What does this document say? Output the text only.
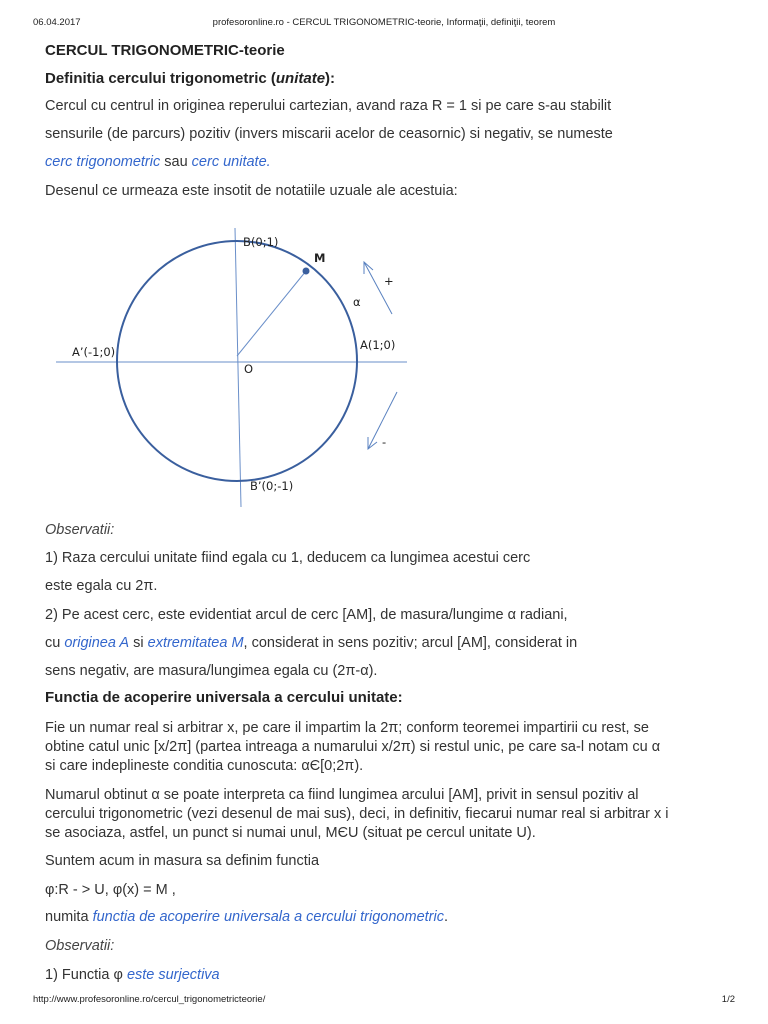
06.04.2017	profesoronline.ro - CERCUL TRIGONOMETRIC-teorie, Informaţii, definiţii, teorem
CERCUL TRIGONOMETRIC-teorie
Definitia cercului trigonometric (unitate):
Cercul cu centrul in originea reperului cartezian, avand raza R = 1 si pe care s-au stabilit
sensurile (de parcurs) pozitiv (invers miscarii acelor de ceasornic) si negativ, se numeste
cerc trigonometric sau cerc unitate.
Desenul ce urmeaza este insotit de notatiile uzuale ale acestuia:
Observatii:
1) Raza cercului unitate fiind egala cu 1, deducem ca lungimea acestui cerc
este egala cu 2π.
2) Pe acest cerc, este evidentiat arcul de cerc [AM], de masura/lungime α radiani,
cu originea A si extremitatea M, considerat in sens pozitiv; arcul [AM], considerat in
sens negativ, are masura/lungimea egala cu (2π-α).
Functia de acoperire universala a cercului unitate:
Fie un numar real si arbitrar x, pe care il impartim la 2π; conform teoremei impartirii cu rest, se
obtine catul unic [x/2π] (partea intreaga a numarului x/2π) si restul unic, pe care sa-l notam cu α
si care indeplineste conditia cunoscuta: αЄ[0;2π).
Numarul obtinut α se poate interpreta ca fiind lungimea arcului [AM], privit in sensul pozitiv al
cercului trigonometric (vezi desenul de mai sus), deci, in definitiv, fiecarui numar real si arbitrar x i
se asociaza, astfel, un punct si numai unul, MЄU (situat pe cercul unitate U).
Suntem acum in masura sa definim functia
φ:R - > U, φ(x) = M ,
numita functia de acoperire universala a cercului trigonometric.
Observatii:
1) Functia φ este surjectiva
B(0;1)
M
+
α
A(1;0)
A’(-1;0)
O
-
B’(0;-1)
http://www.profesoronline.ro/cercul_trigonometricteorie/	1/2
